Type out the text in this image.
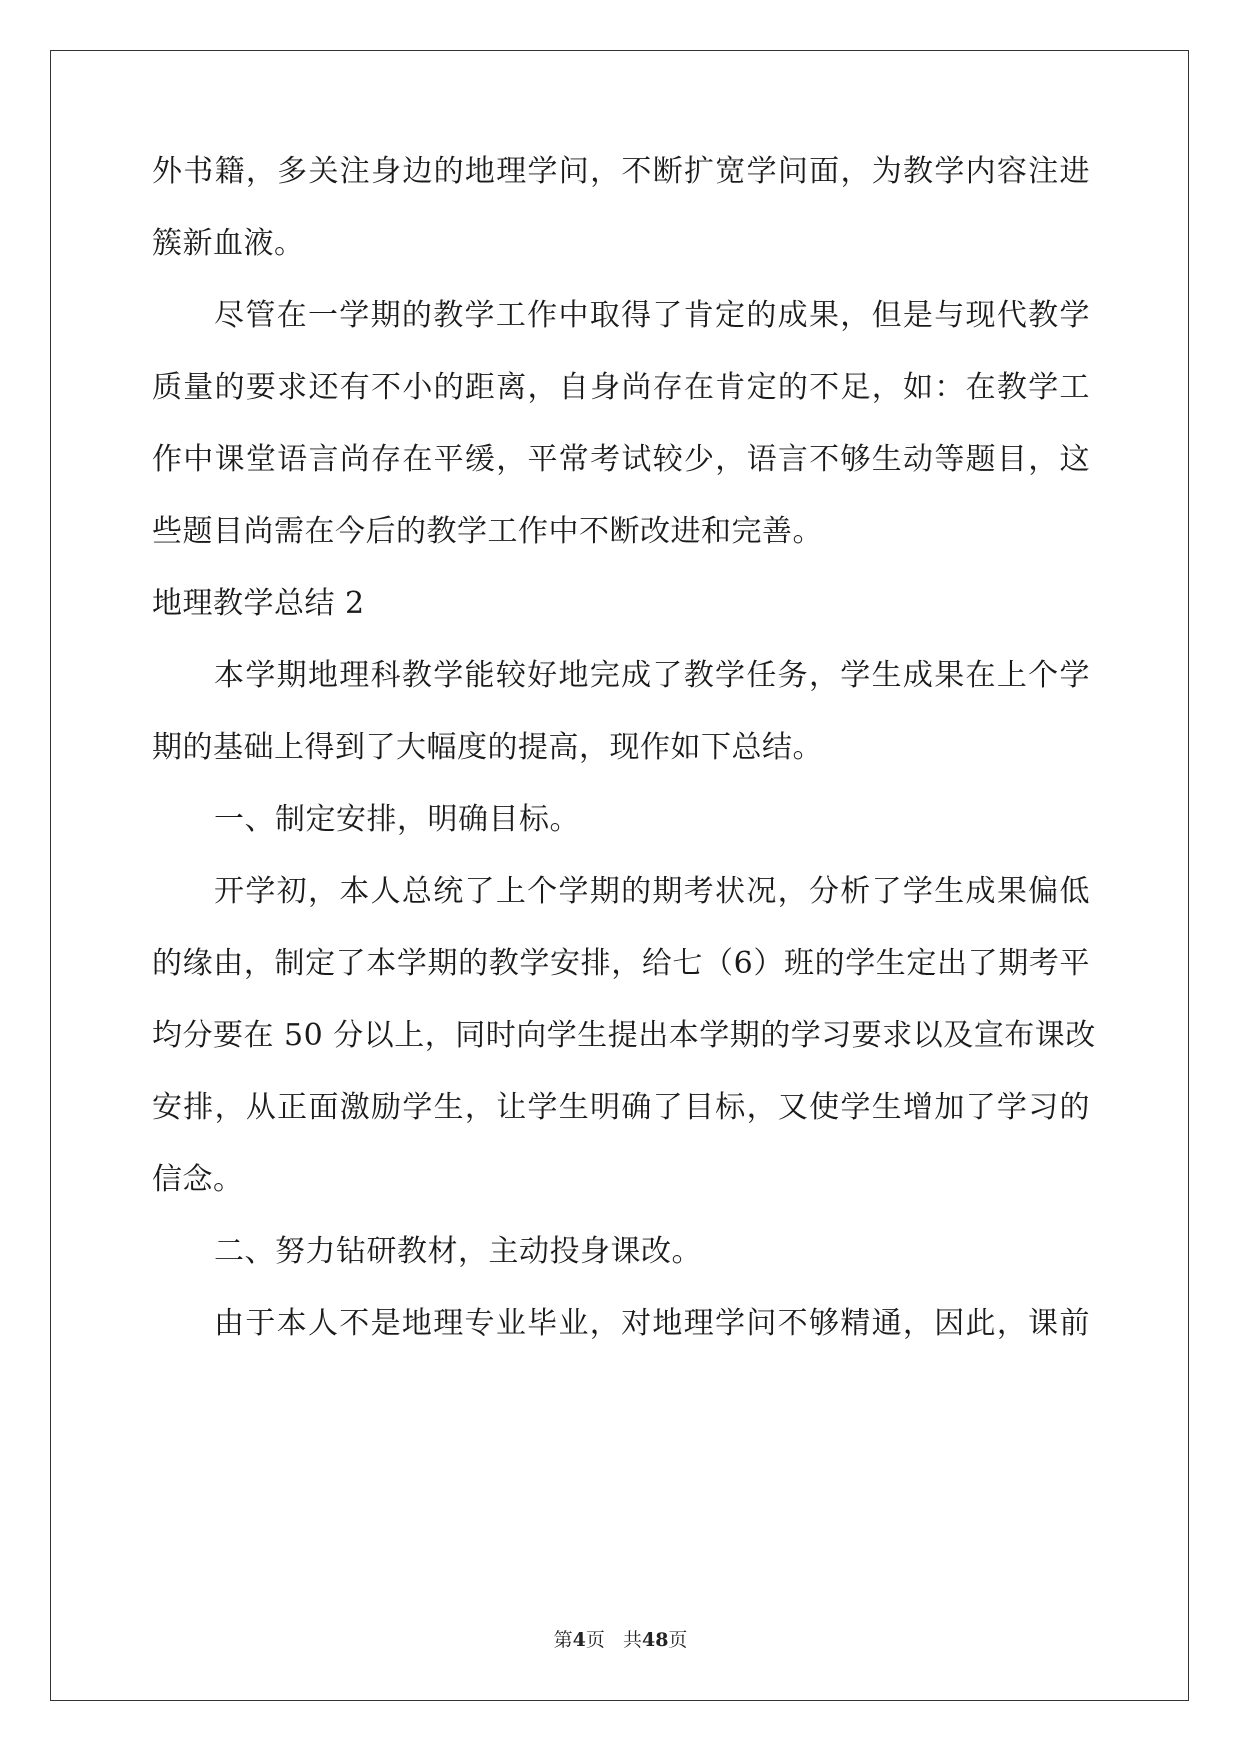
外书籍，多关注身边的地理学问，不断扩宽学问面，为教学内容注进
簇新血液。
尽管在一学期的教学工作中取得了肯定的成果，但是与现代教学
质量的要求还有不小的距离，自身尚存在肯定的不足，如：在教学工
作中课堂语言尚存在平缓，平常考试较少，语言不够生动等题目，这
些题目尚需在今后的教学工作中不断改进和完善。
地理教学总结 2
本学期地理科教学能较好地完成了教学任务，学生成果在上个学
期的基础上得到了大幅度的提高，现作如下总结。
一、制定安排，明确目标。
开学初，本人总统了上个学期的期考状况，分析了学生成果偏低
的缘由，制定了本学期的教学安排，给七（6）班的学生定出了期考平
均分要在 50 分以上，同时向学生提出本学期的学习要求以及宣布课改
安排，从正面激励学生，让学生明确了目标，又使学生增加了学习的
信念。
二、努力钻研教材，主动投身课改。
由于本人不是地理专业毕业，对地理学问不够精通，因此，课前
第4页 共48页
